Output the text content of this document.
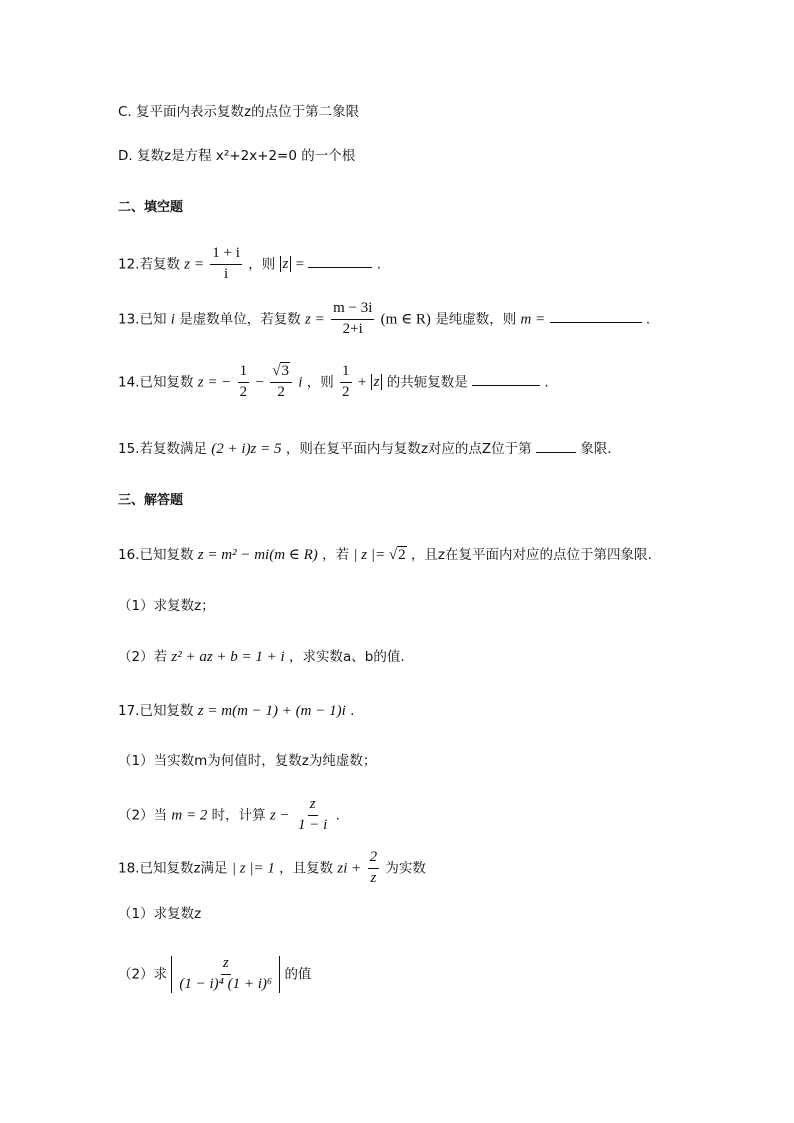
C. 复平面内表示复数z的点位于第二象限
D. 复数z是方程 x²+2x+2=0 的一个根
二、填空题
12.若复数 $z = \frac{1 + i}{i}$ ，则 z =	.
13.已知 i 是虚数单位，若复数 $z = \frac{m - 3i}{2+i} (m$ ∈ R) 是纯虚数，则 m =	.
14.已知复数 z = − $\frac{1}{2} - \frac{√3}{2}$ i ，则 $\frac{1}{2} + z$ 的共轭复数是	.
15.若复数满足 (2 + i)z = 5 ，则在复平面内与复数z对应的点Z位于第	象限.
三、解答题
16.已知复数 z = m² − mi(m ∈ R) ，若 | z |= √2 ，且z在复平面内对应的点位于第四象限.
（1）求复数z；
（2）若 z² + az + b = 1 + i ，求实数a、b的值.
17.已知复数 z = m(m − 1) + (m − 1)i .
（1）当实数m为何值时，复数z为纯虚数；
（2）当 m = 2 时，计算 $z - \frac{z}{1 - i}$ .
18.已知复数z满足 | z |= 1 ，且复数 zi + $\frac{2}{z}$ 为实数
（1）求复数z
（2）求 $\frac{z}{\text{(1 − i)⁴ (1 + i)⁶}}$ 的值
